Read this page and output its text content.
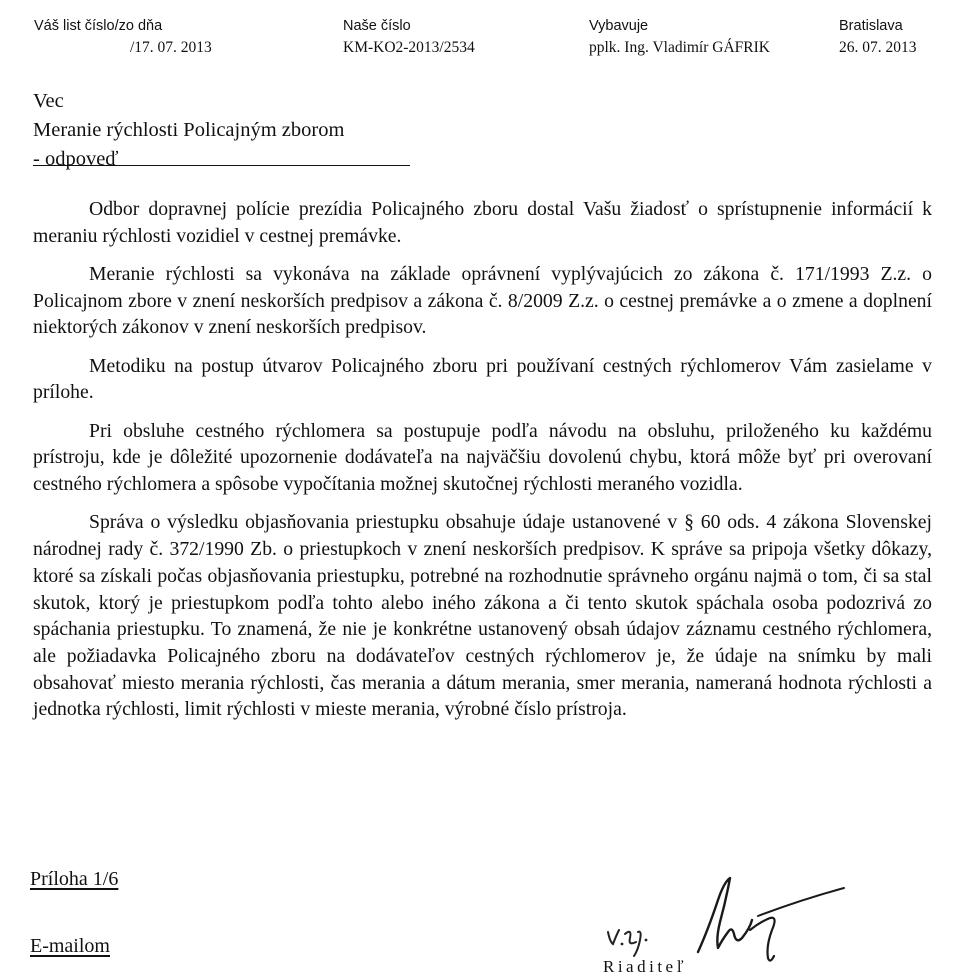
Váš list číslo/zo dňa
/17. 07. 2013
Naše číslo
KM-KO2-2013/2534
Vybavuje
pplk. Ing. Vladimír GÁFRIK
Bratislava
26. 07. 2013
Vec
Meranie rýchlosti Policajným zborom
- odpoveď

Odbor dopravnej polície prezídia Policajného zboru dostal Vašu žiadosť o sprístupnenie informácií k meraniu rýchlosti vozidiel v cestnej premávke.

Meranie rýchlosti sa vykonáva na základe oprávnení vyplývajúcich zo zákona č. 171/1993 Z.z. o Policajnom zbore v znení neskorších predpisov a zákona č. 8/2009 Z.z. o cestnej premávke a o zmene a doplnení niektorých zákonov v znení neskorších predpisov.

Metodiku na postup útvarov Policajného zboru pri používaní cestných rýchlomerov Vám zasielame v prílohe.

Pri obsluhe cestného rýchlomera sa postupuje podľa návodu na obsluhu, priloženého ku každému prístroju, kde je dôležité upozornenie dodávateľa na najväčšiu dovolenú chybu, ktorá môže byť pri overovaní cestného rýchlomera a spôsobe vypočítania možnej skutočnej rýchlosti meraného vozidla.

Správa o výsledku objasňovania priestupku obsahuje údaje ustanovené v § 60 ods. 4 zákona Slovenskej národnej rady č. 372/1990 Zb. o priestupkoch v znení neskorších predpisov. K správe sa pripoja všetky dôkazy, ktoré sa získali počas objasňovania priestupku, potrebné na rozhodnutie správneho orgánu najmä o tom, či sa stal skutok, ktorý je priestupkom podľa tohto alebo iného zákona a či tento skutok spáchala osoba podozrivá zo spáchania priestupku. To znamená, že nie je konkrétne ustanovený obsah údajov záznamu cestného rýchlomera, ale požiadavka Policajného zboru na dodávateľov cestných rýchlomerov je, že údaje na snímku by mali obsahovať miesto merania rýchlosti, čas merania a dátum merania, smer merania, nameraná hodnota rýchlosti a jednotka rýchlosti, limit rýchlosti v mieste merania, výrobné číslo prístroja.

Príloha 1/6
E-mailom
Riaditeľ
